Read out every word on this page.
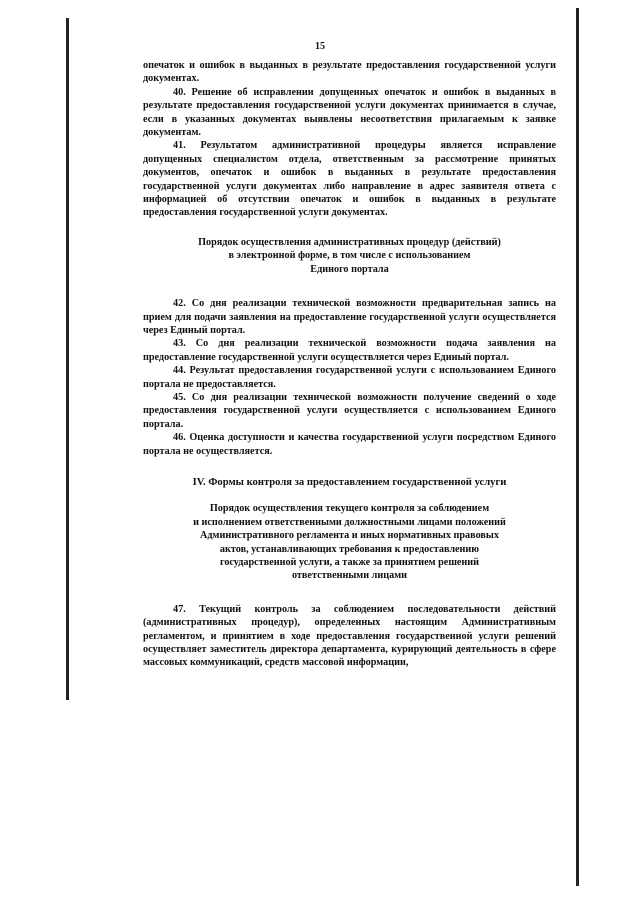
15

опечаток и ошибок в выданных в результате предоставления государственной услуги документах.

40. Решение об исправлении допущенных опечаток и ошибок в выданных в результате предоставления государственной услуги документах принимается в случае, если в указанных документах выявлены несоответствия прилагаемым к заявке документам.

41. Результатом административной процедуры является исправление допущенных специалистом отдела, ответственным за рассмотрение принятых документов, опечаток и ошибок в выданных в результате предоставления государственной услуги документах либо направление в адрес заявителя ответа с информацией об отсутствии опечаток и ошибок в выданных в результате предоставления государственной услуги документах.

Порядок осуществления административных процедур (действий)

в электронной форме, в том числе с использованием

Единого портала

42. Со дня реализации технической возможности предварительная запись на прием для подачи заявления на предоставление государственной услуги осуществляется через Единый портал.

43. Со дня реализации технической возможности подача заявления на предоставление государственной услуги осуществляется через Единый портал.

44. Результат предоставления государственной услуги с использованием Единого портала не предоставляется.

45. Со дня реализации технической возможности получение сведений о ходе предоставления государственной услуги осуществляется с использованием Единого портала.

46. Оценка доступности и качества государственной услуги посредством Единого портала не осуществляется.

IV. Формы контроля за предоставлением государственной услуги

Порядок осуществления текущего контроля за соблюдением

и исполнением ответственными должностными лицами положений

Административного регламента и иных нормативных правовых

актов, устанавливающих требования к предоставлению

государственной услуги, а также за принятием решений

ответственными лицами

47. Текущий контроль за соблюдением последовательности действий (административных процедур), определенных настоящим Административным регламентом, и принятием в ходе предоставления государственной услуги решений осуществляет заместитель директора департамента, курирующий деятельность в сфере массовых коммуникаций, средств массовой информации,
